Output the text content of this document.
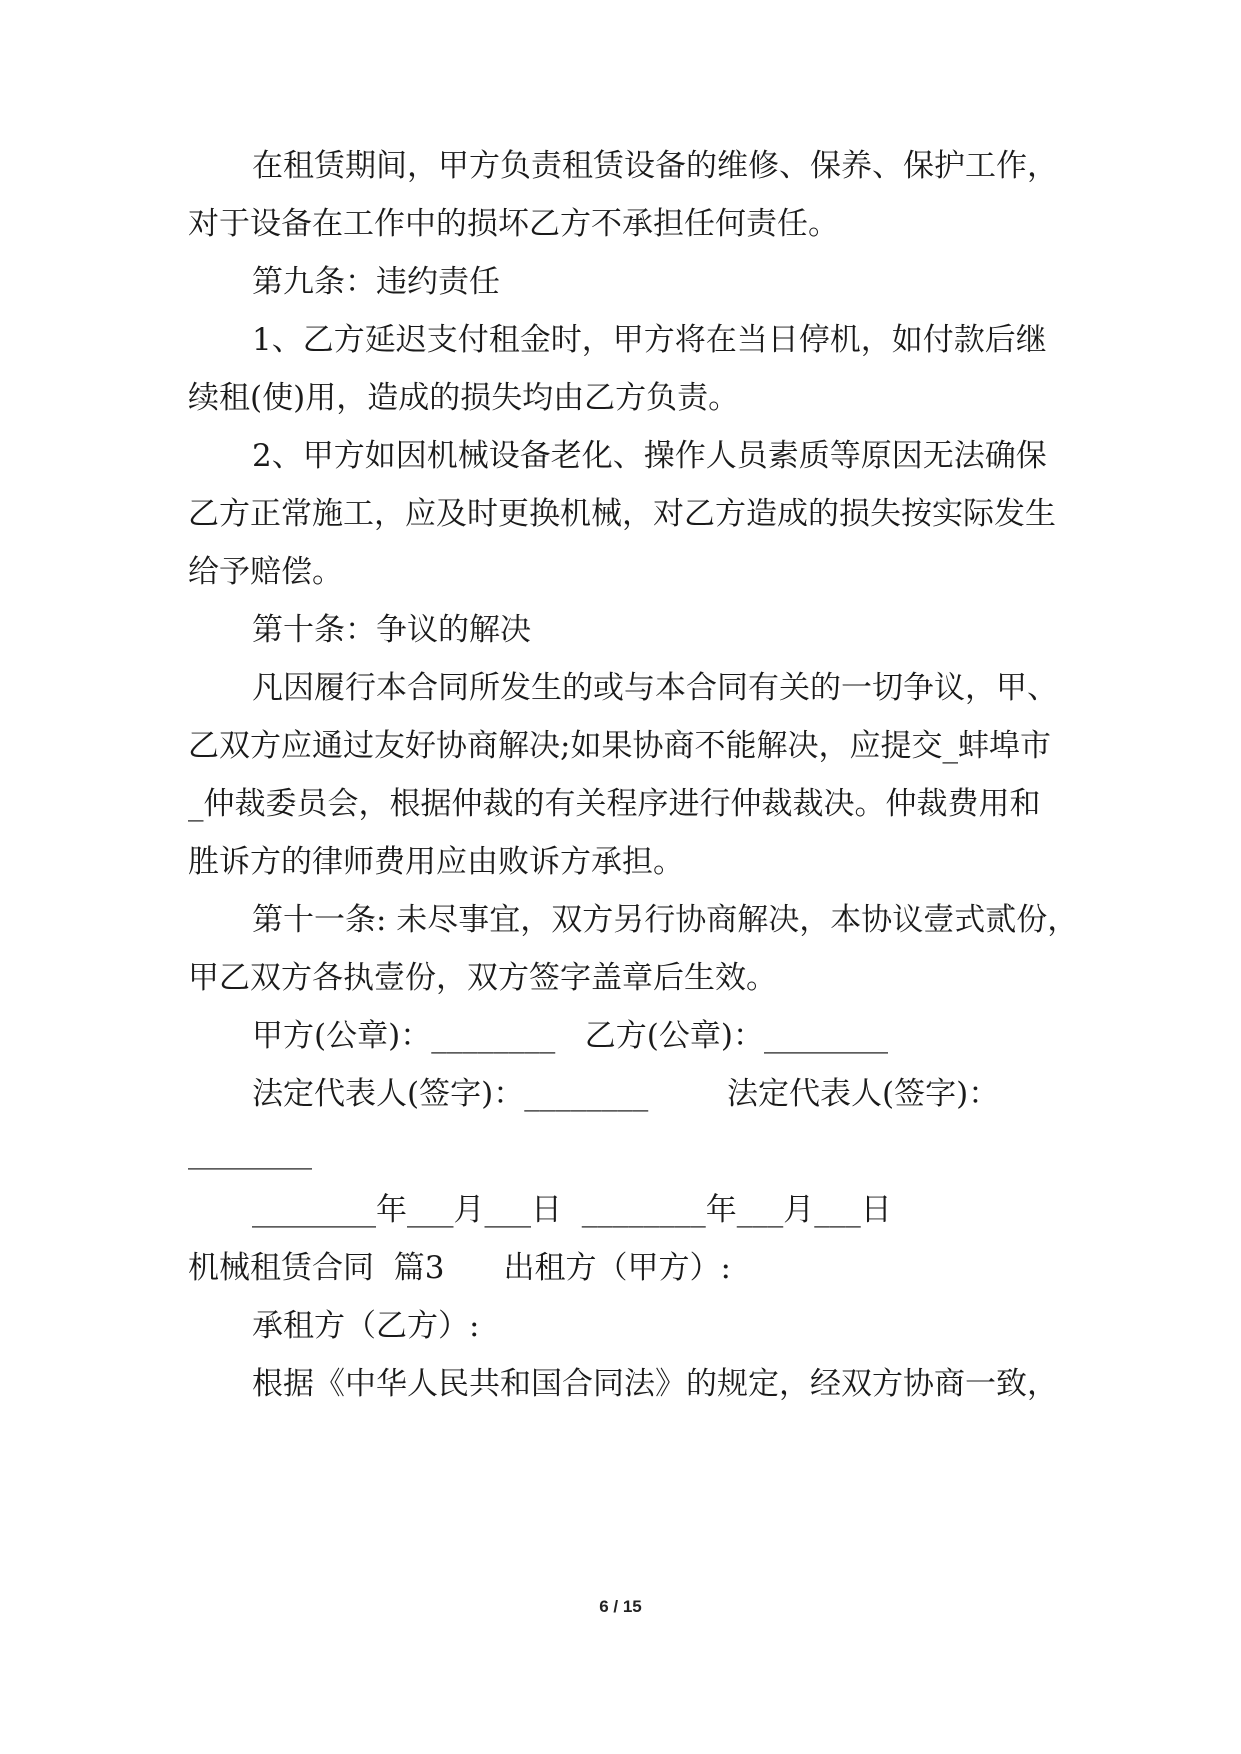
在租赁期间，甲方负责租赁设备的维修、保养、保护工作，
对于设备在工作中的损坏乙方不承担任何责任。
第九条：违约责任
1、乙方延迟支付租金时，甲方将在当日停机，如付款后继
续租(使)用，造成的损失均由乙方负责。
2、甲方如因机械设备老化、操作人员素质等原因无法确保
乙方正常施工，应及时更换机械，对乙方造成的损失按实际发生
给予赔偿。
第十条：争议的解决
凡因履行本合同所发生的或与本合同有关的一切争议，甲、
乙双方应通过友好协商解决;如果协商不能解决，应提交_蚌埠市
_仲裁委员会，根据仲裁的有关程序进行仲裁裁决。仲裁费用和
胜诉方的律师费用应由败诉方承担。
第十一条: 未尽事宜，双方另行协商解决，本协议壹式贰份，
甲乙双方各执壹份，双方签字盖章后生效。
甲方(公章)：________   乙方(公章)：________
法定代表人(签字)：________        法定代表人(签字)：
________
________年___月___日  ________年___月___日
机械租赁合同  篇3      出租方（甲方）:
承租方（乙方）:
根据《中华人民共和国合同法》的规定，经双方协商一致，
6 / 15
